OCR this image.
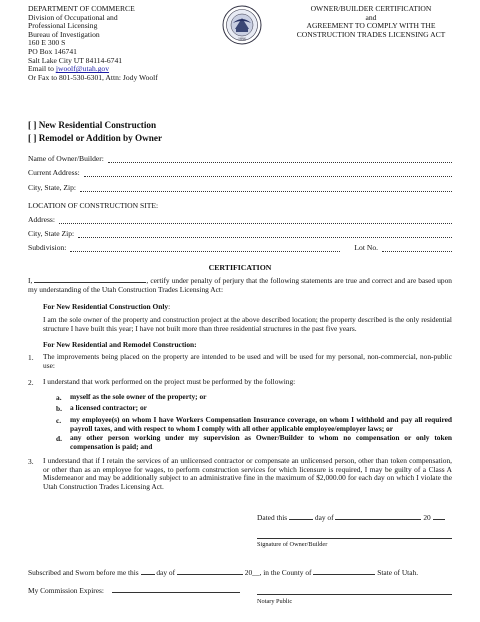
DEPARTMENT OF COMMERCE
Division of Occupational and
Professional Licensing
Bureau of Investigation
160 E 300 S
PO Box 146741
Salt Lake City UT 84114-6741
Email to jwoolf@utah.gov
Or Fax to 801-530-6301, Attn: Jody Woolf
1896
OWNER/BUILDER CERTIFICATION
and
AGREEMENT TO COMPLY WITH THE
CONSTRUCTION TRADES LICENSING ACT
[ ] New Residential Construction
[ ] Remodel or Addition by Owner
Name of Owner/Builder:
Current Address:
City, State, Zip:
LOCATION OF CONSTRUCTION SITE:
Address:
City, State Zip:
Subdivision:	Lot No.
CERTIFICATION
I,	, certify under penalty of perjury that the following statements are true and correct and are based upon my understanding of the Utah Construction Trades Licensing Act:
For New Residential Construction Only:
I am the sole owner of the property and construction project at the above described location; the property described is the only residential structure I have built this year; I have not built more than three residential structures in the past five years.
For New Residential and Remodel Construction:
1. The improvements being placed on the property are intended to be used and will be used for my personal, non-commercial, non-public use:
2. I understand that work performed on the project must be performed by the following:
a. myself as the sole owner of the property; or
b. a licensed contractor; or
c. my employee(s) on whom I have Workers Compensation Insurance coverage, on whom I withhold and pay all required payroll taxes, and with respect to whom I comply with all other applicable employee/employer laws; or
d. any other person working under my supervision as Owner/Builder to whom no compensation or only token compensation is paid; and
3. I understand that if I retain the services of an unlicensed contractor or compensate an unlicensed person, other than token compensation, or other than as an employee for wages, to perform construction services for which licensure is required, I may be guilty of a Class A Misdemeanor and may be additionally subject to an administrative fine in the maximum of $2,000.00 for each day on which I violate the Utah Construction Trades Licensing Act.
Dated this	day of	20
Signature of Owner/Builder
Subscribed and Sworn before me this day of	20__, in the County of	State of Utah.
My Commission Expires:
Notary Public
